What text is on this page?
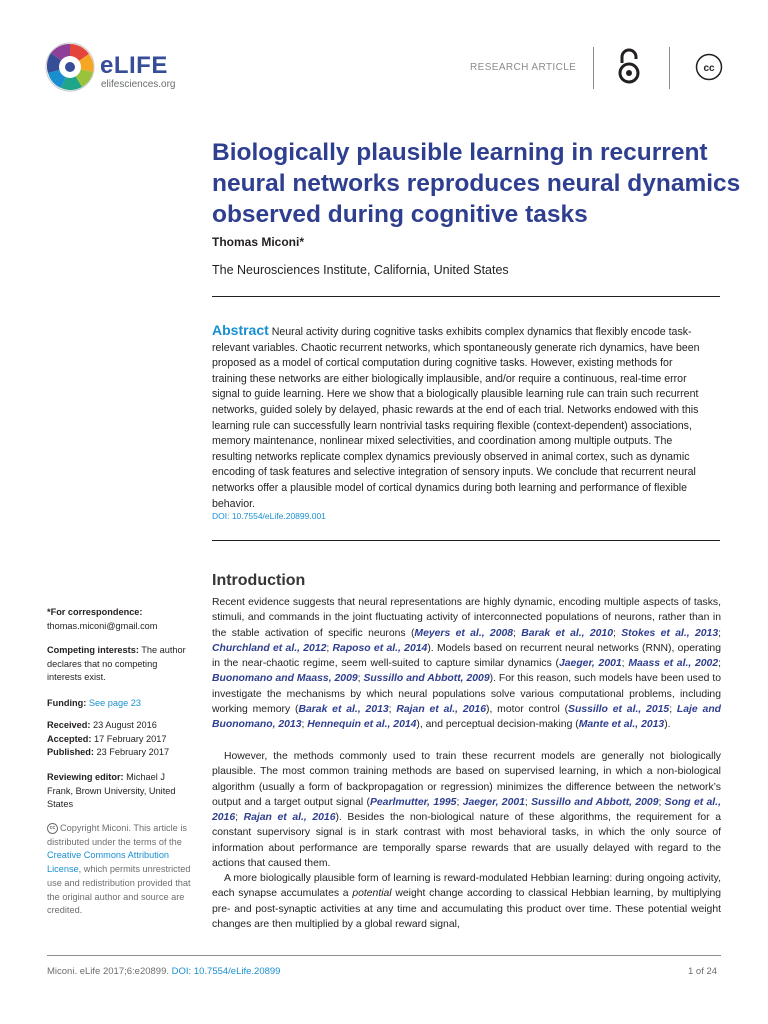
eLIFE
elifesciences.org
RESEARCH ARTICLE	cc
Biologically plausible learning in recurrent neural networks reproduces neural dynamics observed during cognitive tasks
Thomas Miconi*
The Neurosciences Institute, California, United States
Abstract Neural activity during cognitive tasks exhibits complex dynamics that flexibly encode task-relevant variables. Chaotic recurrent networks, which spontaneously generate rich dynamics, have been proposed as a model of cortical computation during cognitive tasks. However, existing methods for training these networks are either biologically implausible, and/or require a continuous, real-time error signal to guide learning. Here we show that a biologically plausible learning rule can train such recurrent networks, guided solely by delayed, phasic rewards at the end of each trial. Networks endowed with this learning rule can successfully learn nontrivial tasks requiring flexible (context-dependent) associations, memory maintenance, nonlinear mixed selectivities, and coordination among multiple outputs. The resulting networks replicate complex dynamics previously observed in animal cortex, such as dynamic encoding of task features and selective integration of sensory inputs. We conclude that recurrent neural networks offer a plausible model of cortical dynamics during both learning and performance of flexible behavior.
DOI: 10.7554/eLife.20899.001
Introduction
Recent evidence suggests that neural representations are highly dynamic, encoding multiple aspects of tasks, stimuli, and commands in the joint fluctuating activity of interconnected populations of neurons, rather than in the stable activation of specific neurons (Meyers et al., 2008; Barak et al., 2010; Stokes et al., 2013; Churchland et al., 2012; Raposo et al., 2014). Models based on recurrent neural networks (RNN), operating in the near-chaotic regime, seem well-suited to capture similar dynamics (Jaeger, 2001; Maass et al., 2002; Buonomano and Maass, 2009; Sussillo and Abbott, 2009). For this reason, such models have been used to investigate the mechanisms by which neural populations solve various computational problems, including working memory (Barak et al., 2013; Rajan et al., 2016), motor control (Sussillo et al., 2015; Laje and Buonomano, 2013; Hennequin et al., 2014), and perceptual decision-making (Mante et al., 2013).
However, the methods commonly used to train these recurrent models are generally not biologically plausible. The most common training methods are based on supervised learning, in which a non-biological algorithm (usually a form of backpropagation or regression) minimizes the difference between the network’s output and a target output signal (Pearlmutter, 1995; Jaeger, 2001; Sussillo and Abbott, 2009; Song et al., 2016; Rajan et al., 2016). Besides the non-biological nature of these algorithms, the requirement for a constant supervisory signal is in stark contrast with most behavioral tasks, in which the only source of information about performance are temporally sparse rewards that are usually delayed with regard to the actions that caused them.
A more biologically plausible form of learning is reward-modulated Hebbian learning: during ongoing activity, each synapse accumulates a potential weight change according to classical Hebbian learning, by multiplying pre- and post-synaptic activities at any time and accumulating this product over time. These potential weight changes are then multiplied by a global reward signal,
*For correspondence: thomas.miconi@gmail.com
Competing interests: The author declares that no competing interests exist.
Funding: See page 23
Received: 23 August 2016
Accepted: 17 February 2017
Published: 23 February 2017
Reviewing editor: Michael J Frank, Brown University, United States
cc Copyright Miconi. This article is distributed under the terms of the Creative Commons Attribution License, which permits unrestricted use and redistribution provided that the original author and source are credited.
Miconi. eLife 2017;6:e20899. DOI: 10.7554/eLife.20899	1 of 24
